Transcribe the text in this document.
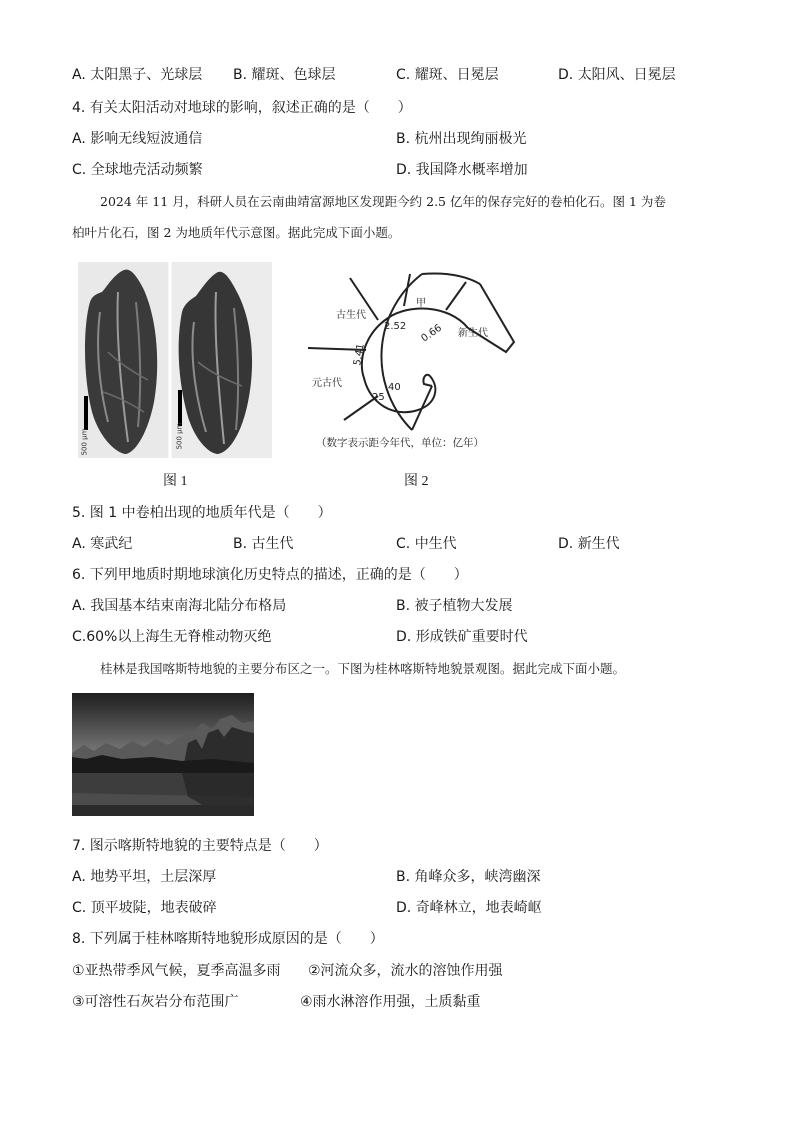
A. 太阳黑子、光球层 B. 耀斑、色球层	C. 耀斑、日冕层	D. 太阳风、日冕层
4. 有关太阳活动对地球的影响，叙述正确的是（　　）
A. 影响无线短波通信	B. 杭州出现绚丽极光
C. 全球地壳活动频繁	D. 我国降水概率增加
2024 年 11 月，科研人员在云南曲靖富源地区发现距今约 2.5 亿年的保存完好的卷柏化石。图 1 为卷
柏叶片化石，图 2 为地质年代示意图。据此完成下面小题。
500 μm	500 μm
图 1
古生代
甲
新生代
元古代
2.52 0.66
5.41
25
40
（数字表示距今年代，单位：亿年）
图 2
5. 图 1 中卷柏出现的地质年代是（　　）
A. 寒武纪	B. 古生代	C. 中生代	D. 新生代
6. 下列甲地质时期地球演化历史特点的描述，正确的是（　　）
A. 我国基本结束南海北陆分布格局	B. 被子植物大发展
C.60%以上海生无脊椎动物灭绝	D. 形成铁矿重要时代
桂林是我国喀斯特地貌的主要分布区之一。下图为桂林喀斯特地貌景观图。据此完成下面小题。
7. 图示喀斯特地貌的主要特点是（　　）
A. 地势平坦，土层深厚	B. 角峰众多，峡湾幽深
C. 顶平坡陡，地表破碎	D. 奇峰林立，地表崎岖
8. 下列属于桂林喀斯特地貌形成原因的是（　　）
①亚热带季风气候，夏季高温多雨 ②河流众多，流水的溶蚀作用强
③可溶性石灰岩分布范围广	④雨水淋溶作用强，土质黏重
